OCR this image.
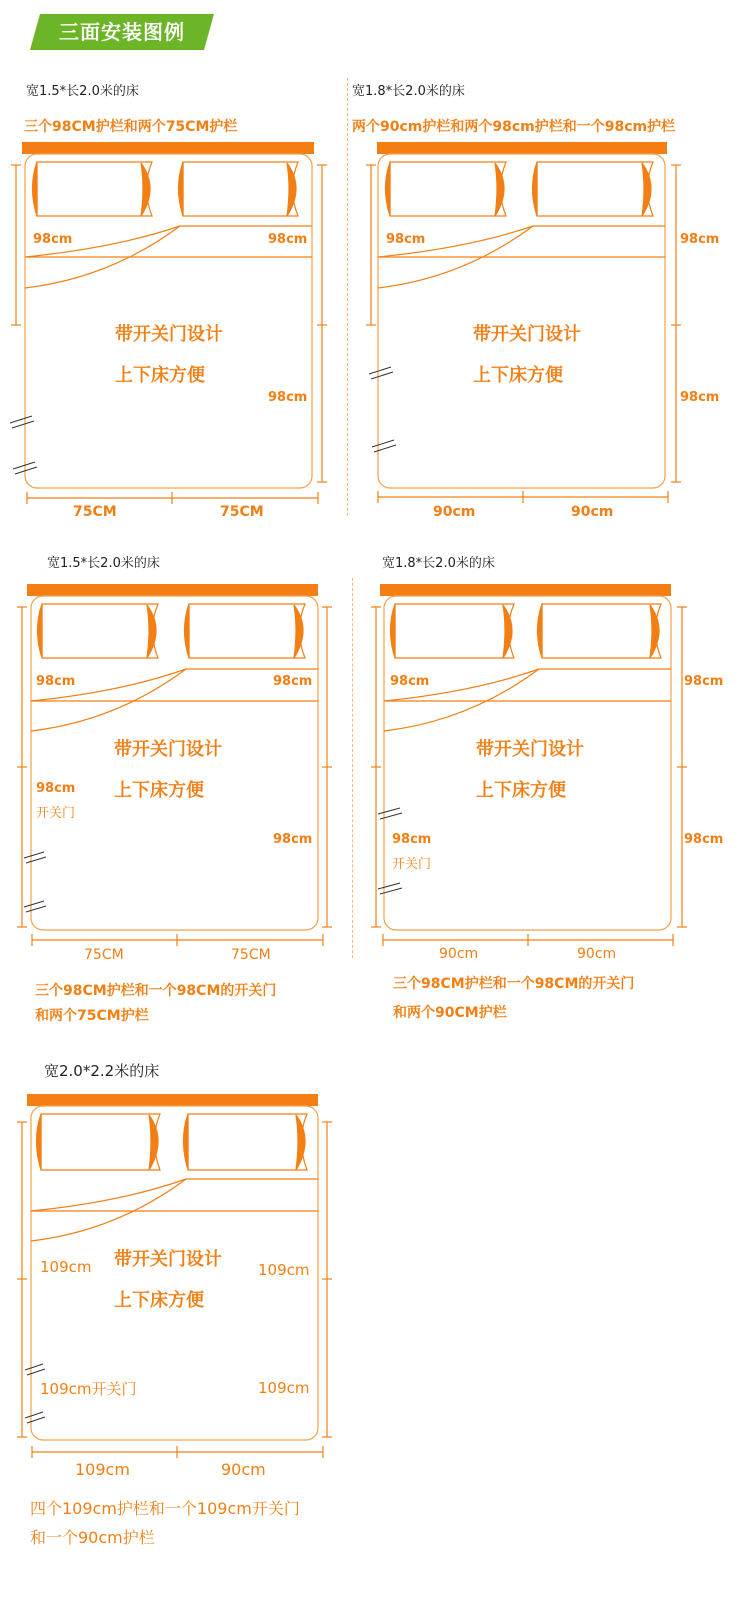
三面安装图例
宽1.5*长2.0米的床
三个98CM护栏和两个75CM护栏
98cm	98cm
带开关门设计
上下床方便
98cm
75CM	75CM
宽1.8*长2.0米的床
两个90cm护栏和两个98cm护栏和一个98cm护栏
98cm	98cm
带开关门设计
上下床方便
98cm
90cm	90cm
宽1.5*长2.0米的床
98cm	98cm
带开关门设计
上下床方便
98cm
开关门
98cm
75CM	75CM
三个98CM护栏和一个98CM的开关门
和两个75CM护栏
宽1.8*长2.0米的床
98cm	98cm
带开关门设计
上下床方便
98cm
开关门
98cm
90cm	90cm
三个98CM护栏和一个98CM的开关门
和两个90CM护栏
宽2.0*2.2米的床
带开关门设计
109cm	109cm
上下床方便
109cm开关门	109cm
109cm	90cm
四个109cm护栏和一个109cm开关门
和一个90cm护栏
